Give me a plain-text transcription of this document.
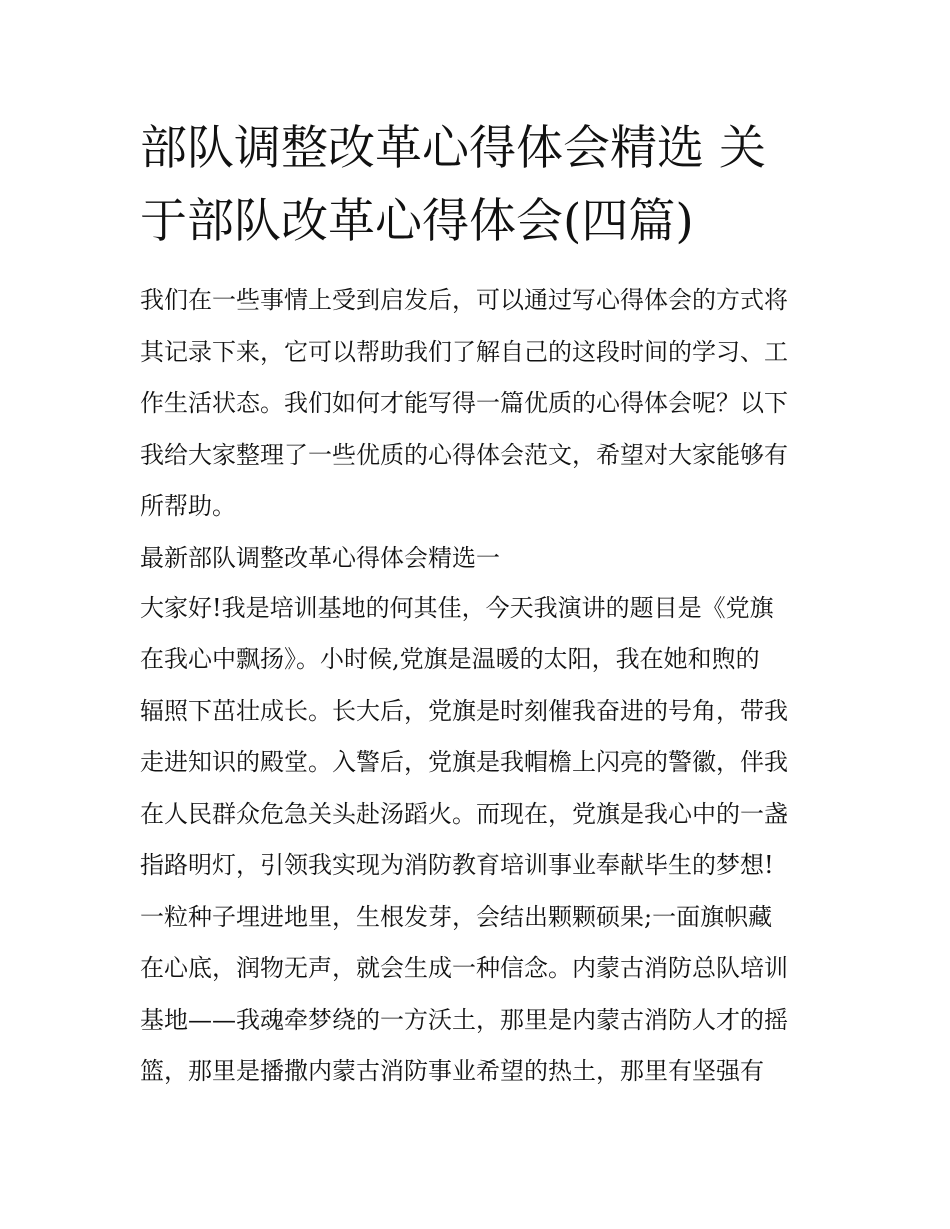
部队调整改革心得体会精选 关
于部队改革心得体会(四篇)
我们在一些事情上受到启发后，可以通过写心得体会的方式将
其记录下来，它可以帮助我们了解自己的这段时间的学习、工
作生活状态。我们如何才能写得一篇优质的心得体会呢？以下
我给大家整理了一些优质的心得体会范文，希望对大家能够有
所帮助。
最新部队调整改革心得体会精选一
大家好!我是培训基地的何其佳，今天我演讲的题目是《党旗
在我心中飘扬》。小时候,党旗是温暖的太阳，我在她和煦的
辐照下茁壮成长。长大后，党旗是时刻催我奋进的号角，带我
走进知识的殿堂。入警后，党旗是我帽檐上闪亮的警徽，伴我
在人民群众危急关头赴汤蹈火。而现在，党旗是我心中的一盏
指路明灯，引领我实现为消防教育培训事业奉献毕生的梦想!
一粒种子埋进地里，生根发芽，会结出颗颗硕果;一面旗帜藏
在心底，润物无声，就会生成一种信念。内蒙古消防总队培训
基地——我魂牵梦绕的一方沃土，那里是内蒙古消防人才的摇
篮，那里是播撒内蒙古消防事业希望的热土，那里有坚强有
